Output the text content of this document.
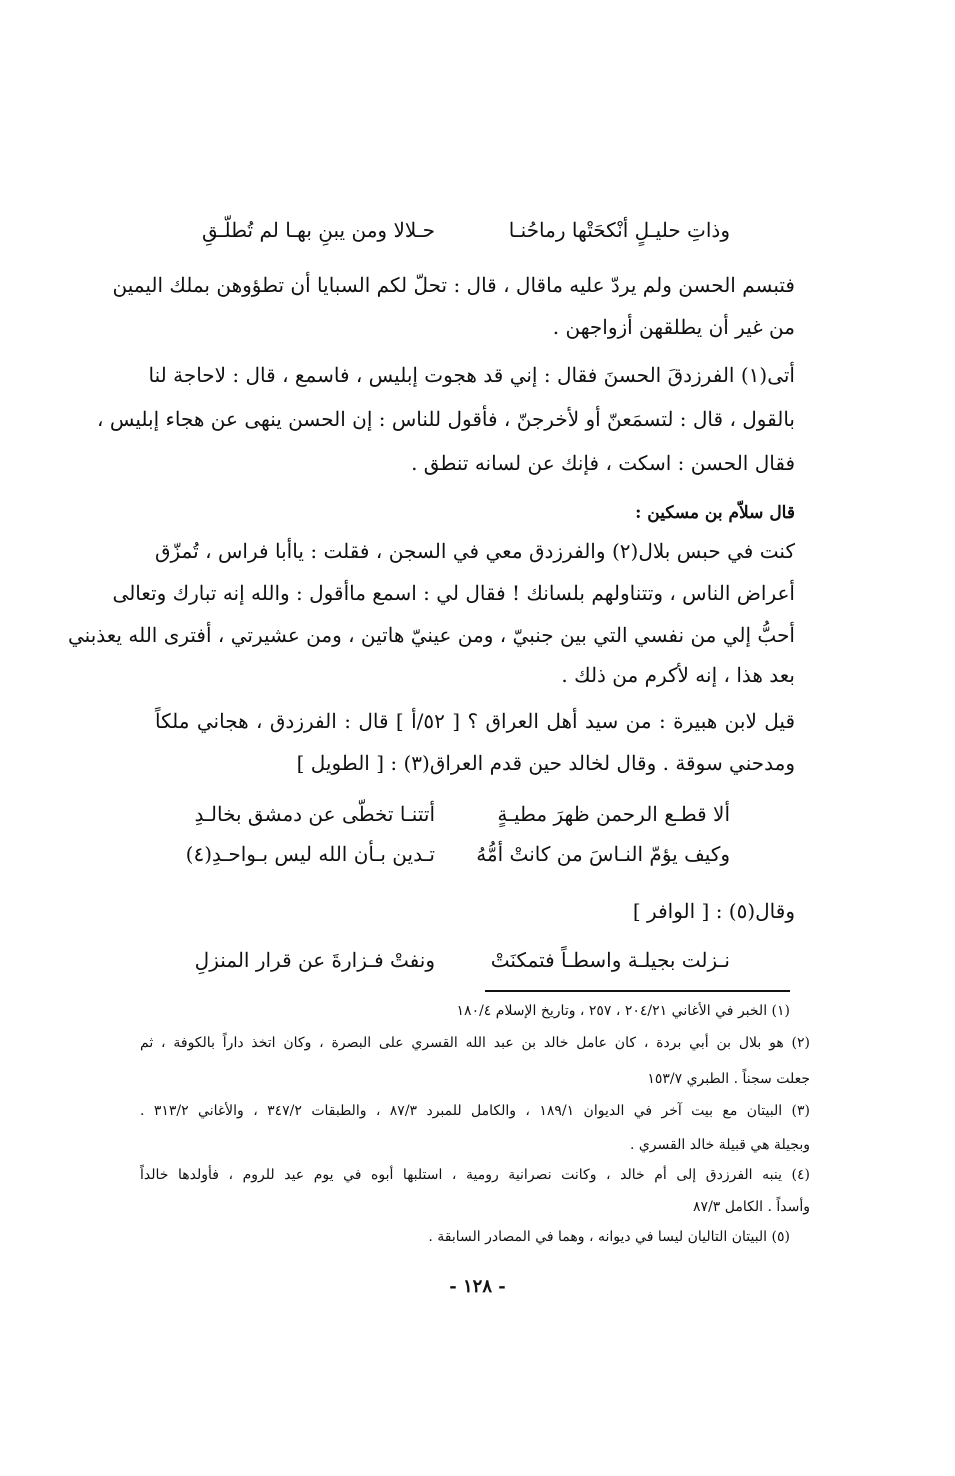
وذاتِ حليـلٍ أنْكحَتْها رماحُنـا
حـلالا ومن يبنِ بهـا لم تُطلّـقِ
فتبسم الحسن ولم يردّ عليه ماقال ، قال : تحلّ لكم السبايا أن تطؤوهن بملك اليمين
من غير أن يطلقهن أزواجهن .
أتى(١) الفرزدقَ الحسنَ فقال : إني قد هجوت إبليس ، فاسمع ، قال : لاحاجة لنا
بالقول ، قال : لتسمَعنّ أو لأخرجنّ ، فأقول للناس : إن الحسن ينهى عن هجاء إبليس ،
فقال الحسن : اسكت ، فإنك عن لسانه تنطق .
قال سلاّم بن مسكين :
كنت في حبس بلال(٢) والفرزدق معي في السجن ، فقلت : ياأبا فراس ، تُمزّق
أعراض الناس ، وتتناولهم بلسانك ! فقال لي : اسمع ماأقول : والله إنه تبارك وتعالى
أحبُّ إلي من نفسي التي بين جنبيّ ، ومن عينيّ هاتين ، ومن عشيرتي ، أفترى الله يعذبني
بعد هذا ، إنه لأكرم من ذلك .
قيل لابن هبيرة : من سيد أهل العراق ؟ [ ٥٢/أ ] قال : الفرزدق ، هجاني ملكاً
ومدحني سوقة . وقال لخالد حين قدم العراق(٣) : [ الطويل ]
ألا قطـع الرحمن ظهرَ مطيـةٍ
أتتنـا تخطّى عن دمشق بخالـدِ
وكيف يؤمّ النـاسَ من كانتْ أمُّهُ
تـدين بـأن الله ليس بـواحـدِ(٤)
وقال(٥) : [ الوافر ]
نـزلت بجيلـة واسطـاً فتمكنَتْ
ونفتْ فـزارةَ عن قرار المنزلِ
(١) الخبر في الأغاني ٢٠٤/٢١ ، ٢٥٧ ، وتاريخ الإسلام ١٨٠/٤
(٢) هو بلال بن أبي بردة ، كان عامل خالد بن عبد الله القسري على البصرة ، وكان اتخذ داراً بالكوفة ، ثم
جعلت سجناً . الطبري ١٥٣/٧
(٣) البيتان مع بيت آخر في الديوان ١٨٩/١ ، والكامل للمبرد ٨٧/٣ ، والطبقات ٣٤٧/٢ ، والأغاني ٣١٣/٢ .
وبجيلة هي قبيلة خالد القسري .
(٤) ينبه الفرزدق إلى أم خالد ، وكانت نصرانية رومية ، استلبها أبوه في يوم عيد للروم ، فأولدها خالداً
وأسداً . الكامل ٨٧/٣
(٥) البيتان التاليان ليسا في ديوانه ، وهما في المصادر السابقة .
- ١٢٨ -
